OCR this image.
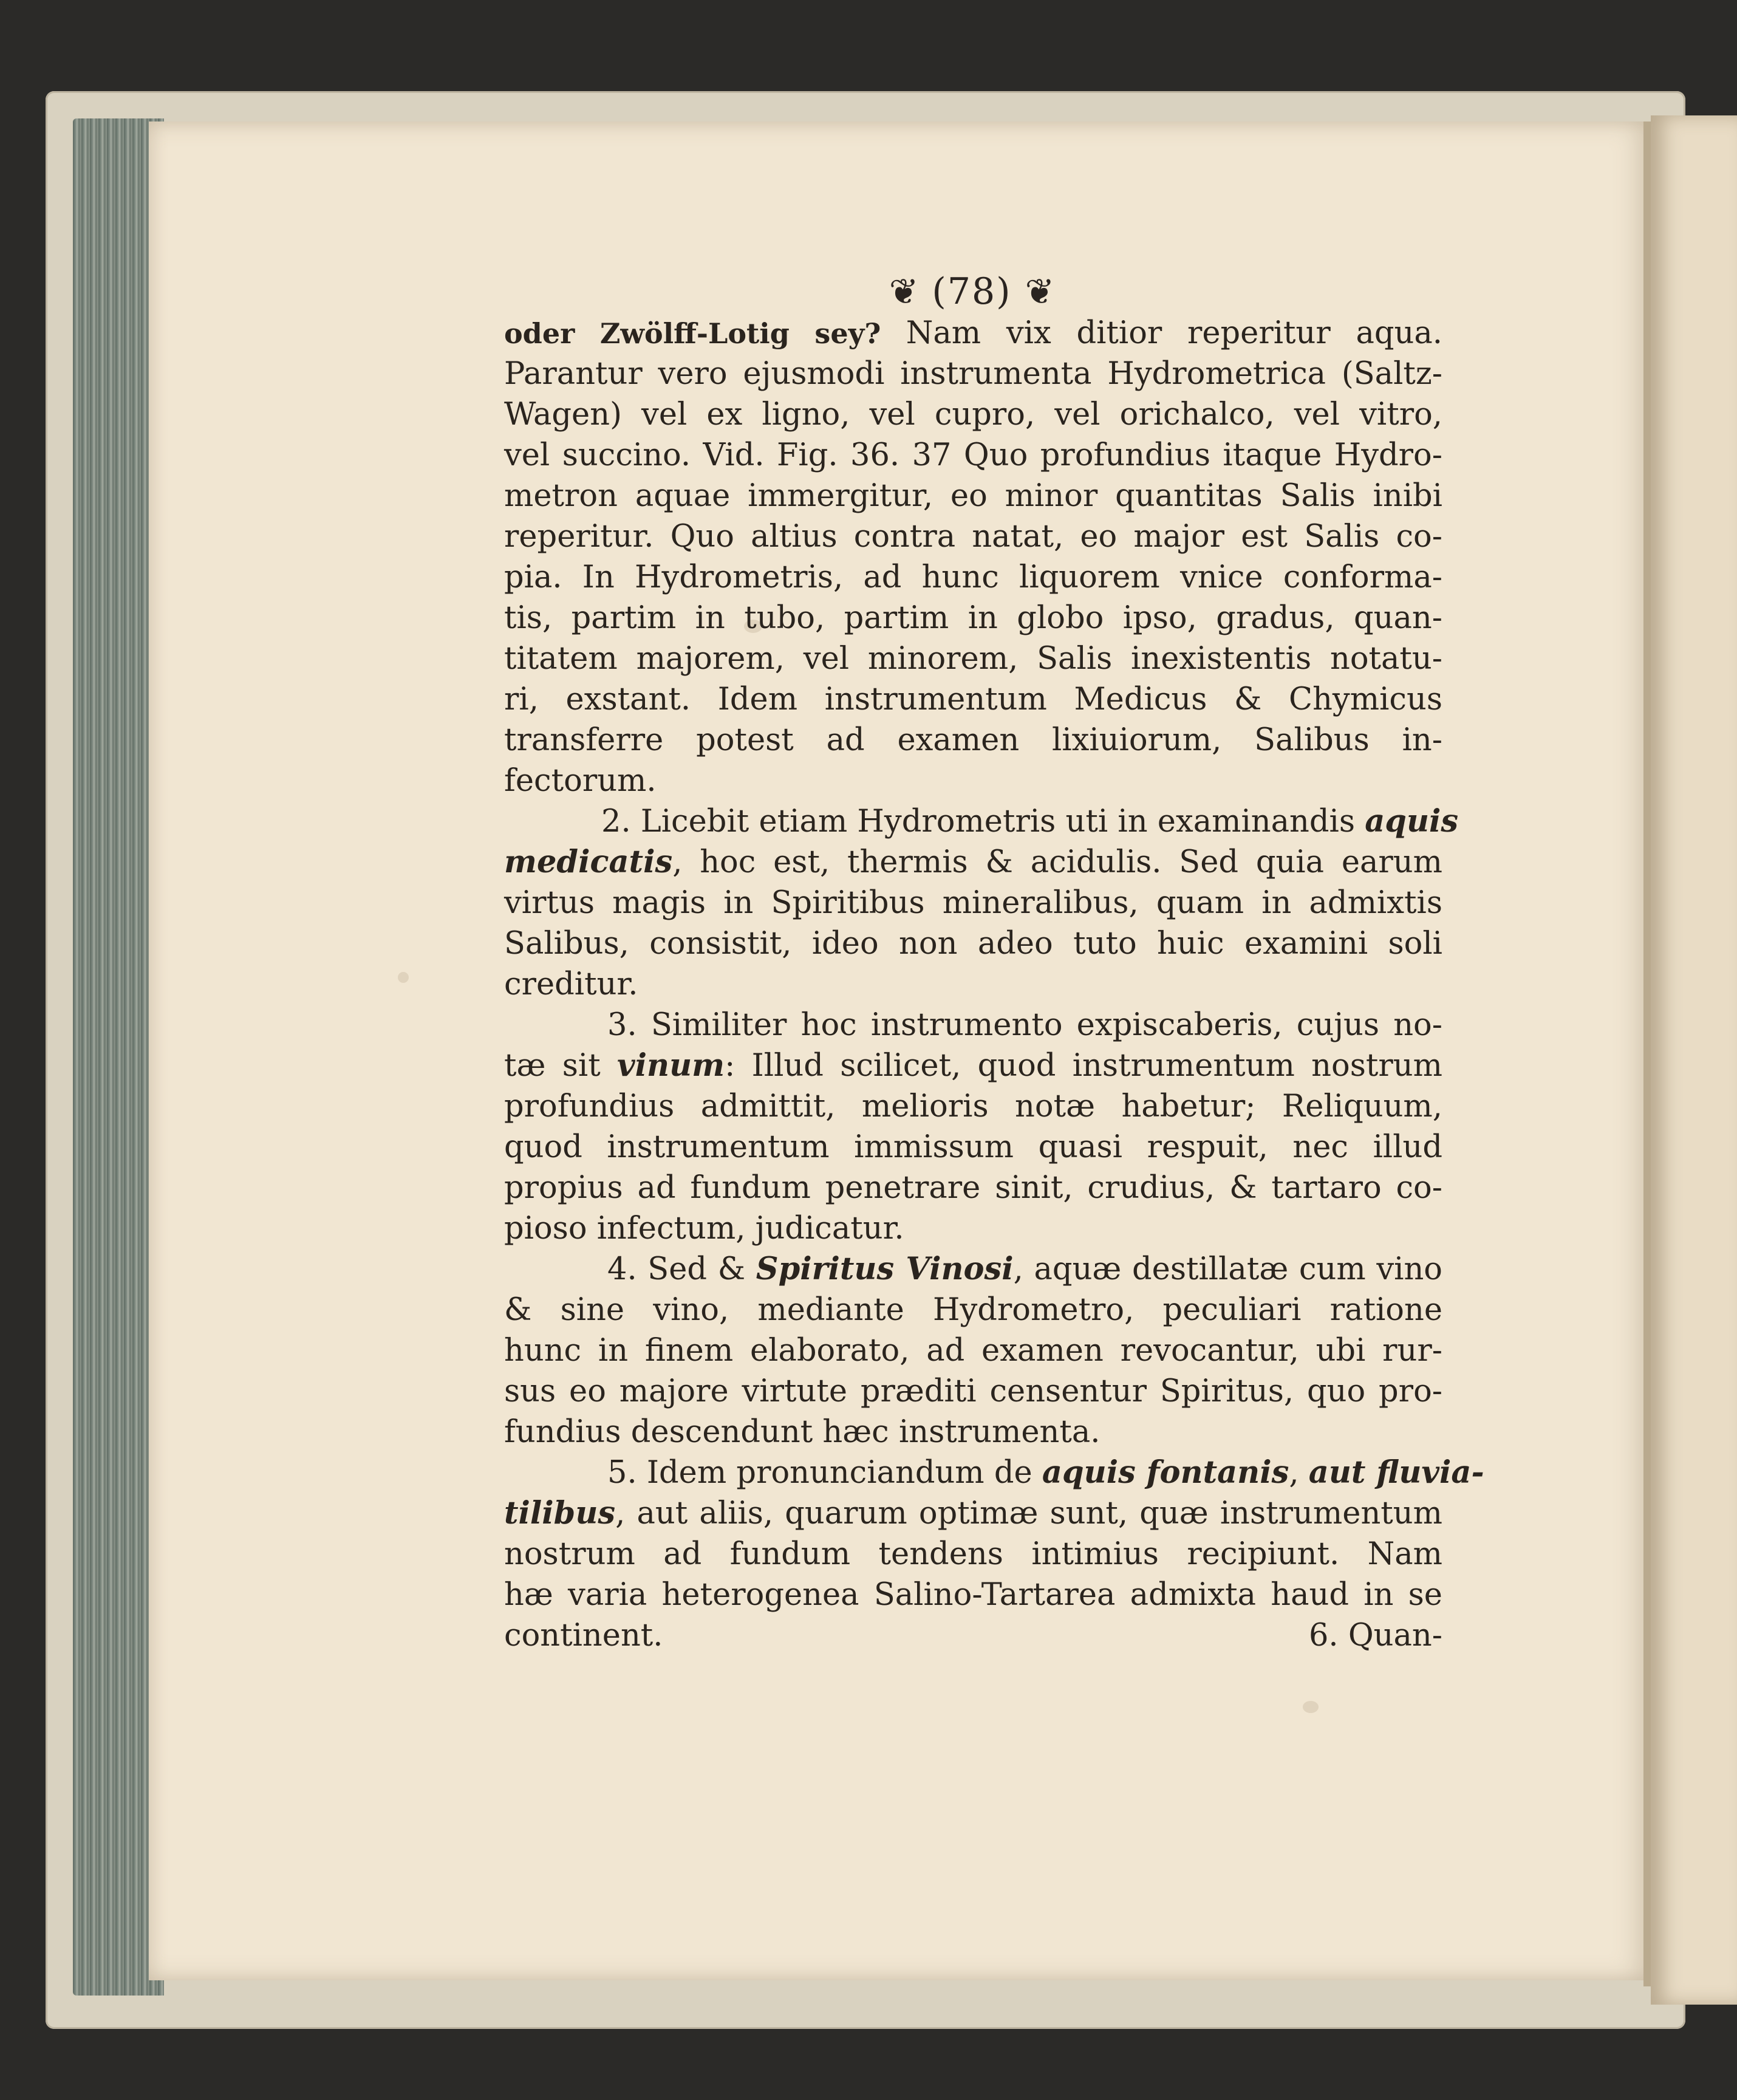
❦ (78) ❦
oder Zwölff-Lotig sey? Nam vix ditior reperitur aqua.
Parantur vero ejusmodi instrumenta Hydrometrica (Saltz-
Wagen) vel ex ligno, vel cupro, vel orichalco, vel vitro,
vel succino. Vid. Fig. 36. 37 Quo profundius itaque Hydro-
metron aquae immergitur, eo minor quantitas Salis inibi
reperitur. Quo altius contra natat, eo major est Salis co-
pia. In Hydrometris, ad hunc liquorem vnice conforma-
tis, partim in tubo, partim in globo ipso, gradus, quan-
titatem majorem, vel minorem, Salis inexistentis notatu-
ri, exstant. Idem instrumentum Medicus & Chymicus
transferre potest ad examen lixiuiorum, Salibus in-
fectorum.
2. Licebit etiam Hydrometris uti in examinandis aquis
medicatis, hoc est, thermis & acidulis. Sed quia earum
virtus magis in Spiritibus mineralibus, quam in admixtis
Salibus, consistit, ideo non adeo tuto huic examini soli
creditur.
3. Similiter hoc instrumento expiscaberis, cujus no-
tæ sit vinum: Illud scilicet, quod instrumentum nostrum
profundius admittit, melioris notæ habetur; Reliquum,
quod instrumentum immissum quasi respuit, nec illud
propius ad fundum penetrare sinit, crudius, & tartaro co-
pioso infectum, judicatur.
4. Sed & Spiritus Vinosi, aquæ destillatæ cum vino
& sine vino, mediante Hydrometro, peculiari ratione
hunc in finem elaborato, ad examen revocantur, ubi rur-
sus eo majore virtute præditi censentur Spiritus, quo pro-
fundius descendunt hæc instrumenta.
5. Idem pronunciandum de aquis fontanis, aut fluvia-
tilibus, aut aliis, quarum optimæ sunt, quæ instrumentum
nostrum ad fundum tendens intimius recipiunt. Nam
hæ varia heterogenea Salino-Tartarea admixta haud in se
continent.	6. Quan-
